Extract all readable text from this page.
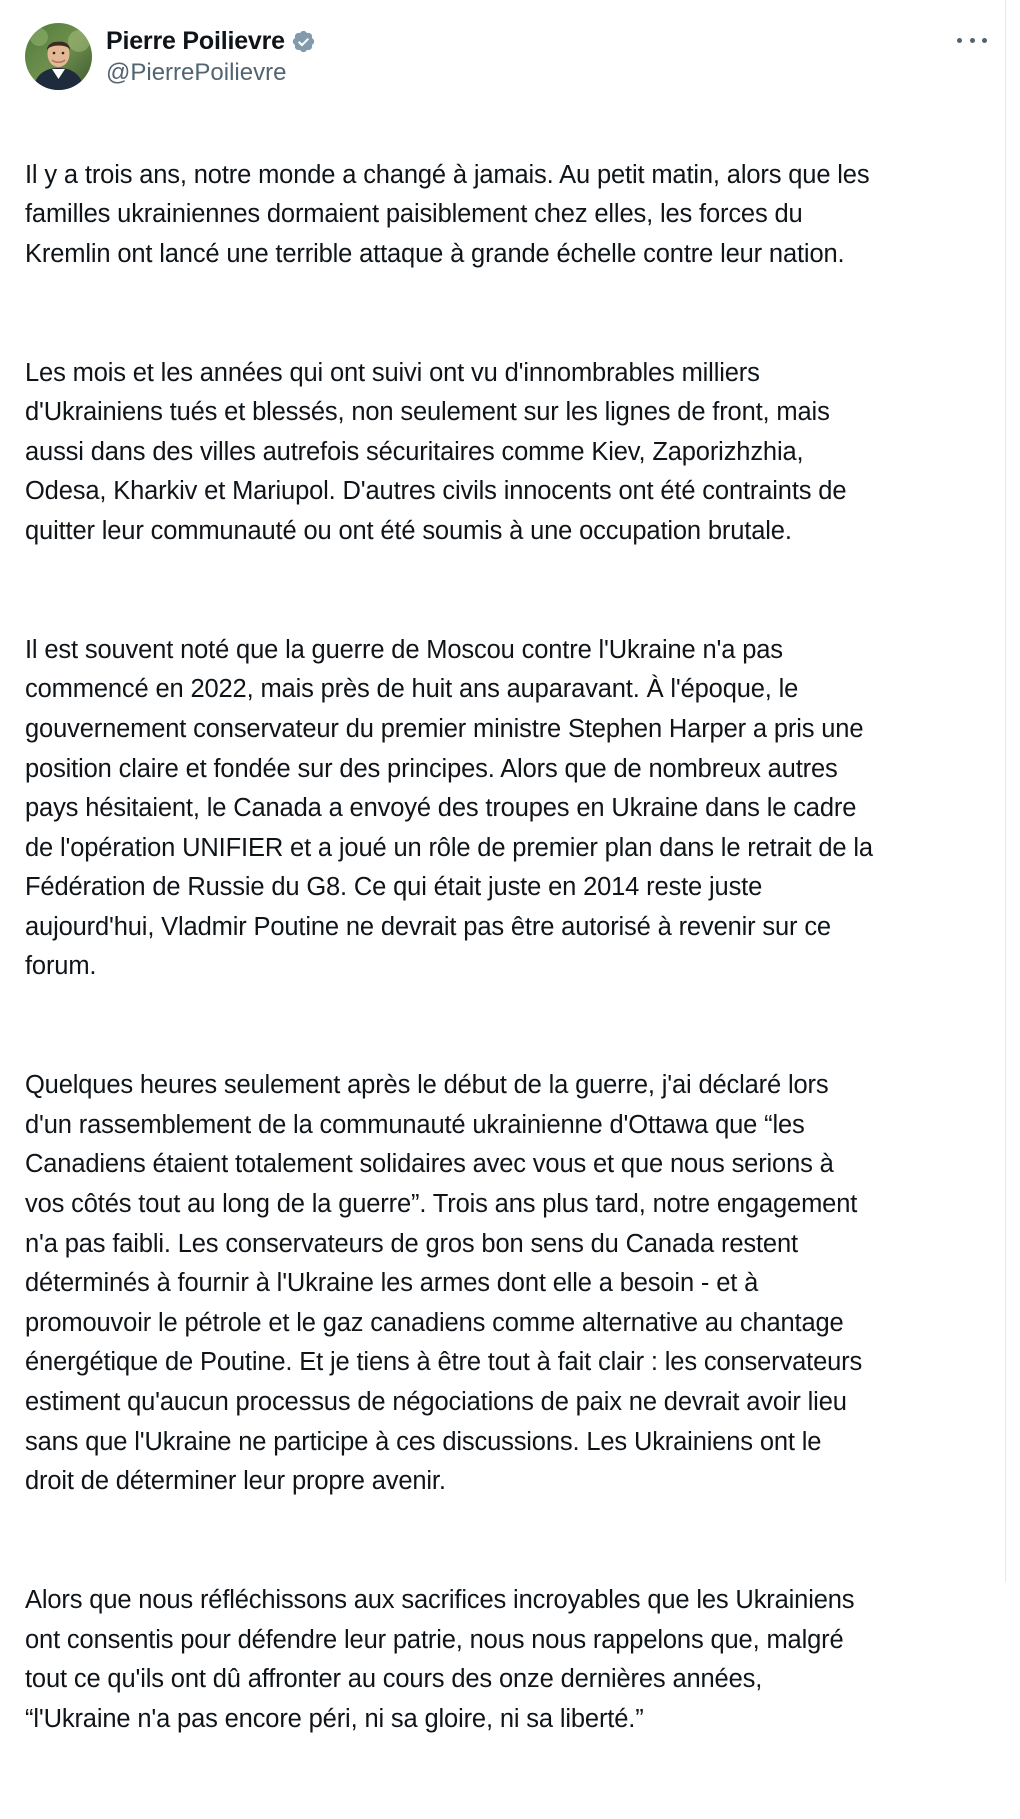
Pierre Poilievre
@PierrePoilievre

Il y a trois ans, notre monde a changé à jamais. Au petit matin, alors que les
familles ukrainiennes dormaient paisiblement chez elles, les forces du
Kremlin ont lancé une terrible attaque à grande échelle contre leur nation.

Les mois et les années qui ont suivi ont vu d'innombrables milliers
d'Ukrainiens tués et blessés, non seulement sur les lignes de front, mais
aussi dans des villes autrefois sécuritaires comme Kiev, Zaporizhzhia,
Odesa, Kharkiv et Mariupol. D'autres civils innocents ont été contraints de
quitter leur communauté ou ont été soumis à une occupation brutale.

Il est souvent noté que la guerre de Moscou contre l'Ukraine n'a pas
commencé en 2022, mais près de huit ans auparavant. À l'époque, le
gouvernement conservateur du premier ministre Stephen Harper a pris une
position claire et fondée sur des principes. Alors que de nombreux autres
pays hésitaient, le Canada a envoyé des troupes en Ukraine dans le cadre
de l'opération UNIFIER et a joué un rôle de premier plan dans le retrait de la
Fédération de Russie du G8. Ce qui était juste en 2014 reste juste
aujourd'hui, Vladmir Poutine ne devrait pas être autorisé à revenir sur ce
forum.

Quelques heures seulement après le début de la guerre, j'ai déclaré lors
d'un rassemblement de la communauté ukrainienne d'Ottawa que “les
Canadiens étaient totalement solidaires avec vous et que nous serions à
vos côtés tout au long de la guerre”. Trois ans plus tard, notre engagement
n'a pas faibli. Les conservateurs de gros bon sens du Canada restent
déterminés à fournir à l'Ukraine les armes dont elle a besoin - et à
promouvoir le pétrole et le gaz canadiens comme alternative au chantage
énergétique de Poutine. Et je tiens à être tout à fait clair : les conservateurs
estiment qu'aucun processus de négociations de paix ne devrait avoir lieu
sans que l'Ukraine ne participe à ces discussions. Les Ukrainiens ont le
droit de déterminer leur propre avenir.

Alors que nous réfléchissons aux sacrifices incroyables que les Ukrainiens
ont consentis pour défendre leur patrie, nous nous rappelons que, malgré
tout ce qu'ils ont dû affronter au cours des onze dernières années,
“l'Ukraine n'a pas encore péri, ni sa gloire, ni sa liberté.”
